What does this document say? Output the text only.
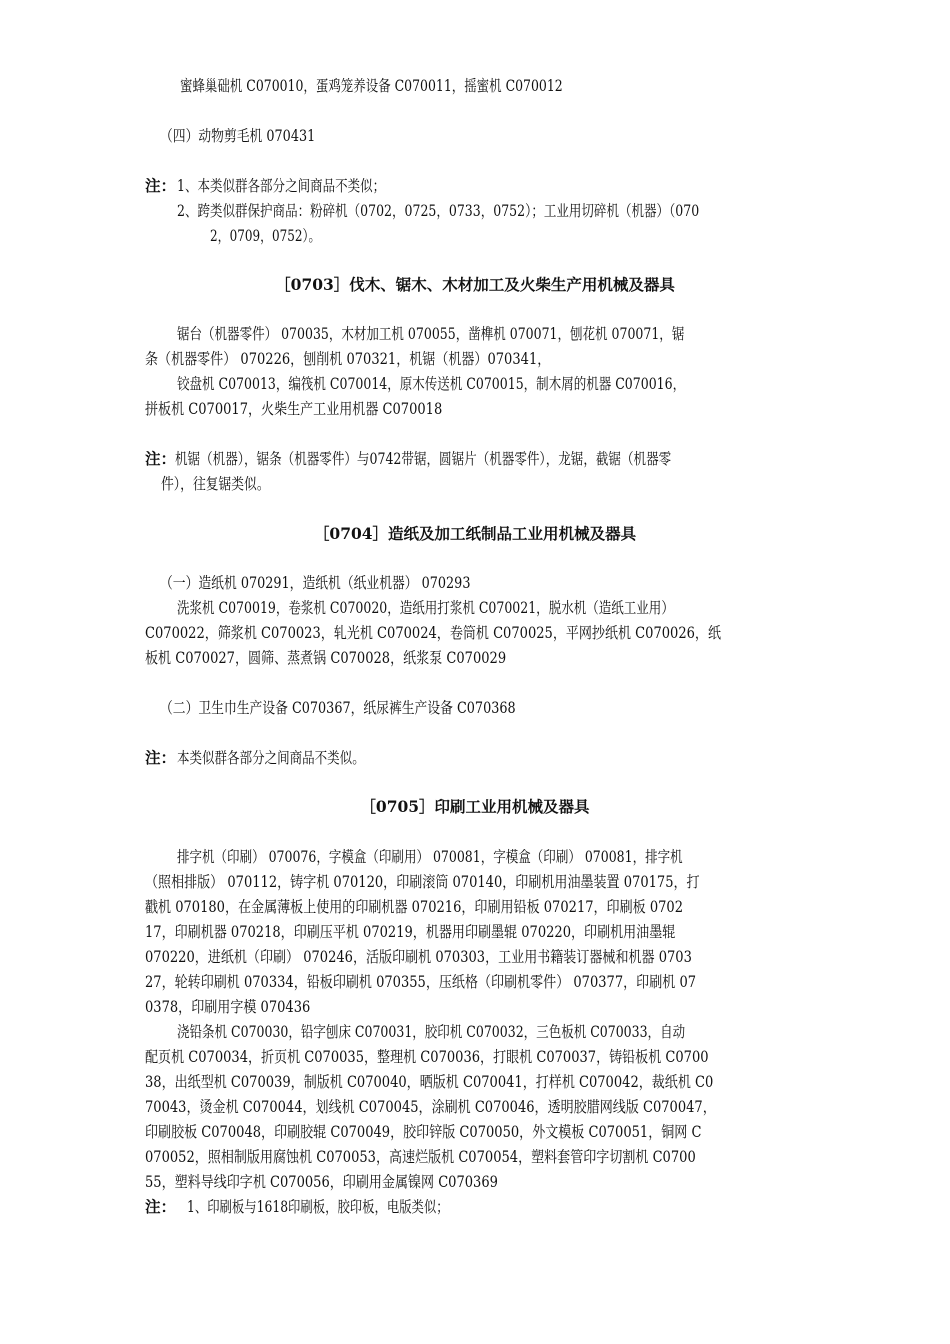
蜜蜂巢础机 C070010，蛋鸡笼养设备 C070011，摇蜜机 C070012
（四）动物剪毛机 070431
注： 1、本类似群各部分之间商品不类似；
2、跨类似群保护商品：粉碎机（0702，0725，0733，0752）；工业用切碎机（机器）（070
2，0709，0752）。
［0703］伐木、锯木、木材加工及火柴生产用机械及器具
锯台（机器零件） 070035，木材加工机 070055，凿榫机 070071，刨花机 070071，锯
条（机器零件） 070226，刨削机 070321，机锯（机器）070341，
铰盘机 C070013，编筏机 C070014，原木传送机 C070015，制木屑的机器 C070016，
拼板机 C070017，火柴生产工业用机器 C070018
注：
机锯（机器），锯条（机器零件）与0742带锯，圆锯片（机器零件），龙锯，截锯（机器零
件），往复锯类似。
［0704］造纸及加工纸制品工业用机械及器具
（一）造纸机 070291，造纸机（纸业机器） 070293
洗浆机 C070019，卷浆机 C070020，造纸用打浆机 C070021，脱水机（造纸工业用）
C070022，筛浆机 C070023，轧光机 C070024，卷筒机 C070025，平网抄纸机 C070026，纸
板机 C070027，圆筛、蒸煮锅 C070028，纸浆泵 C070029
（二）卫生巾生产设备 C070367，纸尿裤生产设备 C070368
注： 本类似群各部分之间商品不类似。
［0705］印刷工业用机械及器具
排字机（印刷） 070076，字模盒（印刷用） 070081，字模盒（印刷） 070081，排字机
（照相排版） 070112，铸字机 070120，印刷滚筒 070140，印刷机用油墨装置 070175，打
戳机 070180，在金属薄板上使用的印刷机器 070216，印刷用铅板 070217，印刷板 0702
17，印刷机器 070218，印刷压平机 070219，机器用印刷墨辊 070220，印刷机用油墨辊
070220，进纸机（印刷） 070246，活版印刷机 070303，工业用书籍装订器械和机器 0703
27，轮转印刷机 070334，铅板印刷机 070355，压纸格（印刷机零件） 070377，印刷机 07
0378，印刷用字模 070436
浇铅条机 C070030，铅字刨床 C070031，胶印机 C070032，三色板机 C070033，自动
配页机 C070034，折页机 C070035，整理机 C070036，打眼机 C070037，铸铅板机 C0700
38，出纸型机 C070039，制版机 C070040，晒版机 C070041，打样机 C070042，裁纸机 C0
70043，烫金机 C070044，划线机 C070045，涂刷机 C070046，透明胶腊网线版 C070047，
印刷胶板 C070048，印刷胶辊 C070049，胶印锌版 C070050，外文模板 C070051，铜网 C
070052，照相制版用腐蚀机 C070053，高速烂版机 C070054，塑料套管印字切割机 C0700
55，塑料导线印字机 C070056，印刷用金属镍网 C070369
注： 1、印刷板与1618印刷板，胶印板，电版类似；
